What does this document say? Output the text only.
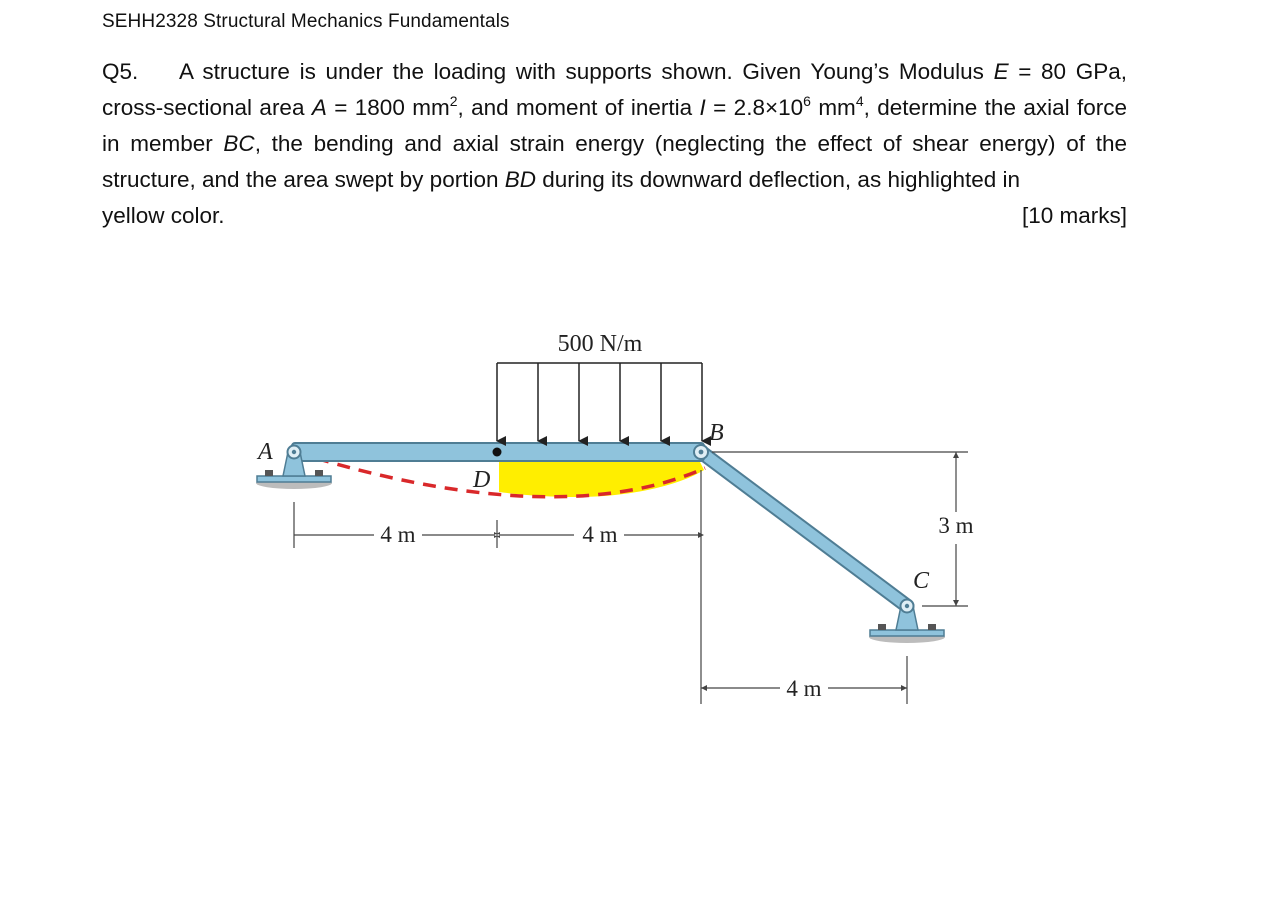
SEHH2328 Structural Mechanics Fundamentals
Q5. A structure is under the loading with supports shown. Given Young’s Modulus E = 80 GPa, cross-sectional area A = 1800 $mm^2$, and moment of inertia $I = 2.8\times 10^6$ $mm^4$, determine the axial force in member BC, the bending and axial strain energy (neglecting the effect of shear energy) of the structure, and the area swept by portion BD during its downward deflection, as highlighted in
yellow color.	[10 marks]
500 N/m
A
B
C
D
4 m	4 m
4 m
3 m
